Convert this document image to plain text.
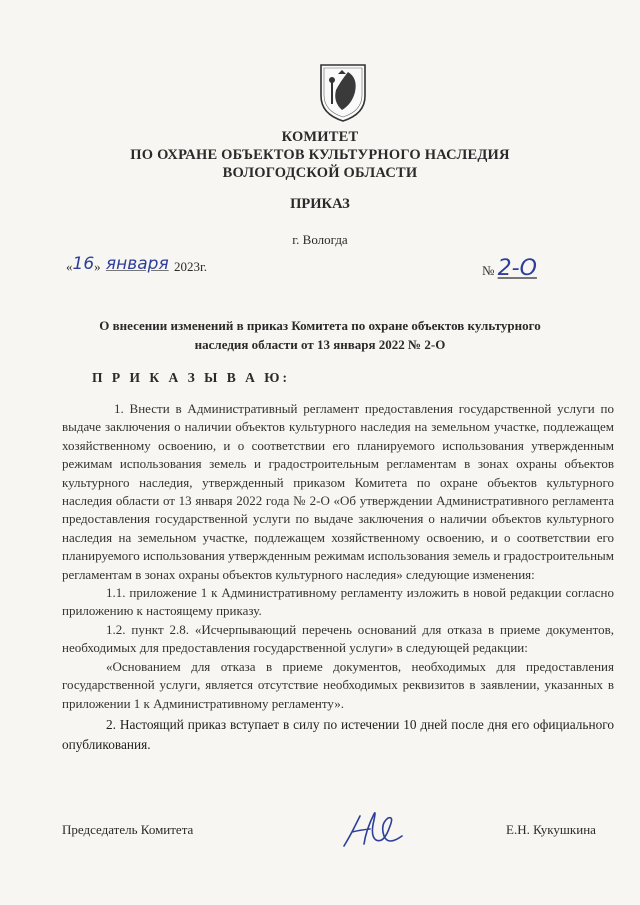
КОМИТЕТ
ПО ОХРАНЕ ОБЪЕКТОВ КУЛЬТУРНОГО НАСЛЕДИЯ
ВОЛОГОДСКОЙ ОБЛАСТИ
ПРИКАЗ
г. Вологда
«16» января 2023г.	№ 2-О
О внесении изменений в приказ Комитета по охране объектов культурного
наследия области от 13 января 2022 № 2-О
П Р И К А З Ы В А Ю:

1. Внести в Административный регламент предоставления государственной услуги по выдаче заключения о наличии объектов культурного наследия на земельном участке, подлежащем хозяйственному освоению, и о соответствии его планируемого использования утвержденным режимам использования земель и градостроительным регламентам в зонах охраны объектов культурного наследия, утвержденный приказом Комитета по охране объектов культурного наследия области от 13 января 2022 года № 2-О «Об утверждении Административного регламента предоставления государственной услуги по выдаче заключения о наличии объектов культурного наследия на земельном участке, подлежащем хозяйственному освоению, и о соответствии его планируемого использования утвержденным режимам использования земель и градостроительным регламентам в зонах охраны объектов культурного наследия» следующие изменения:

1.1. приложение 1 к Административному регламенту изложить в новой редакции согласно приложению к настоящему приказу.

1.2. пункт 2.8. «Исчерпывающий перечень оснований для отказа в приеме документов, необходимых для предоставления государственной услуги» в следующей редакции:

«Основанием для отказа в приеме документов, необходимых для предоставления государственной услуги, является отсутствие необходимых реквизитов в заявлении, указанных в приложении 1 к Административному регламенту».

2. Настоящий приказ вступает в силу по истечении 10 дней после дня его официального опубликования.

Председатель Комитета	Е.Н. Кукушкина
